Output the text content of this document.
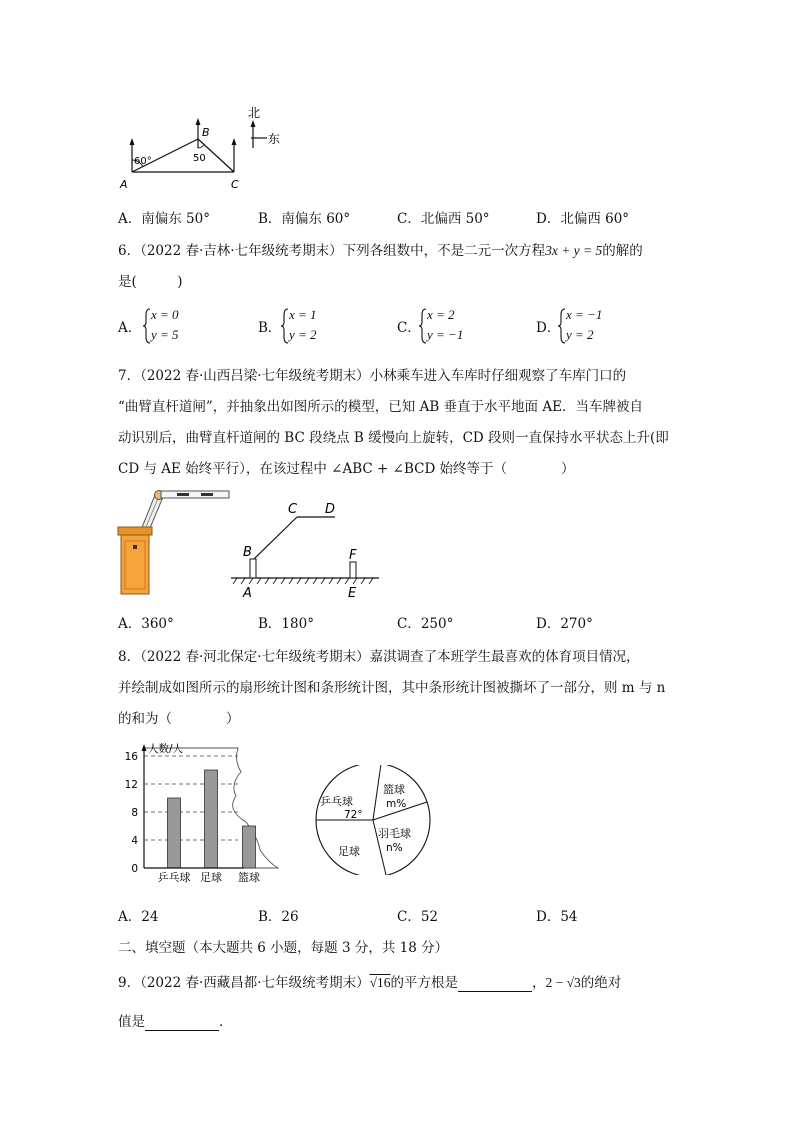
北
东
A
B
C
60°	50
A．南偏东 50°	B．南偏东 60°	C．北偏西 50°	D．北偏西 60°
6．（2022 春·吉林·七年级统考期末）下列各组数中，不是二元一次方程3x + y = 5的解的
是(　　　)
A．
x = 0
y = 5	B．
x = 1
y = 2	C．
x = 2
y = −1	D．
x = −1
y = 2
7．（2022 春·山西吕梁·七年级统考期末）小林乘车进入车库时仔细观察了车库门口的
“曲臂直杆道闸”，并抽象出如图所示的模型，已知 AB 垂直于水平地面 AE．当车牌被自
动识别后，曲臂直杆道闸的 BC 段绕点 B 缓慢向上旋转，CD 段则一直保持水平状态上升(即
CD 与 AE 始终平行），在该过程中 ∠ABC + ∠BCD 始终等于（　　　　）
A
B
C D
E
F
A．360°	B．180°	C．250°	D．270°
8．（2022 春·河北保定·七年级统考期末）嘉淇调查了本班学生最喜欢的体育项目情况，
并绘制成如图所示的扇形统计图和条形统计图，其中条形统计图被撕坏了一部分，则 m 与 n
的和为（　　　　）
人数/人
16
12
8
4
0
乒乓球 足球 篮球
乒乓球
72°
篮球
m%
羽毛球
n%
足球
A．24	B．26	C．52	D．54
二、填空题（本大题共 6 小题，每题 3 分，共 18 分）
9．（2022 春·西藏昌都·七年级统考期末）√16的平方根是	，2 − √3的绝对
值是	．
